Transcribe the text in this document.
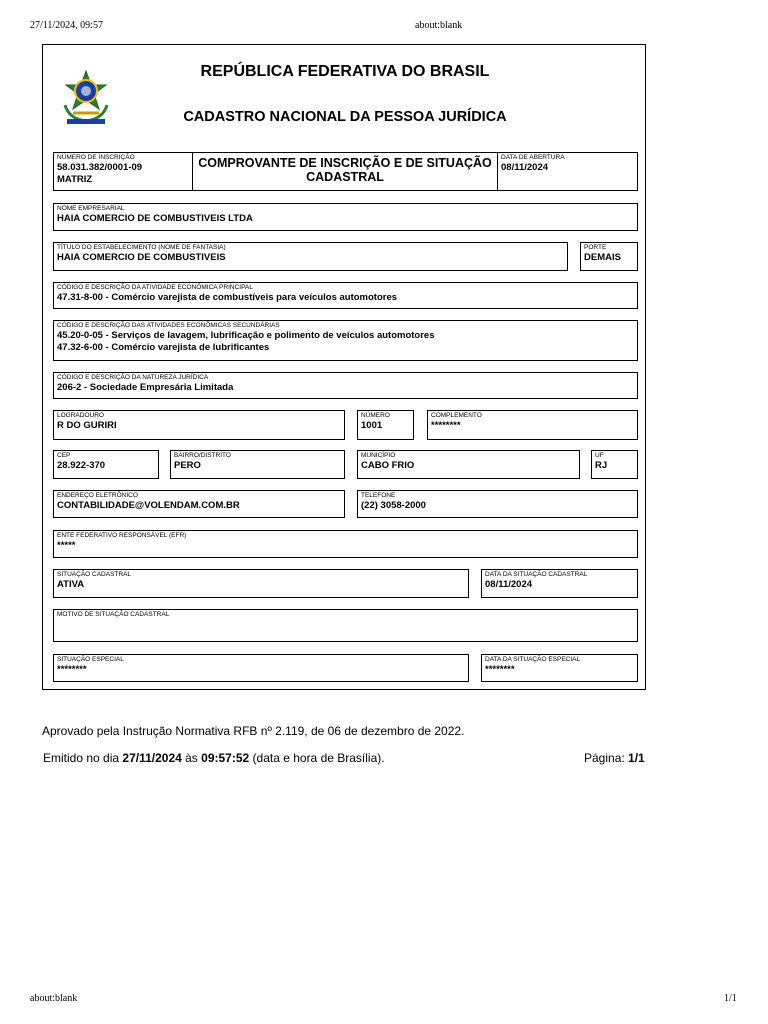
27/11/2024, 09:57	about:blank
REPÚBLICA FEDERATIVA DO BRASIL
CADASTRO NACIONAL DA PESSOA JURÍDICA
NÚMERO DE INSCRIÇÃO
58.031.382/0001-09
MATRIZ
COMPROVANTE DE INSCRIÇÃO E DE SITUAÇÃO
CADASTRAL
DATA DE ABERTURA
08/11/2024
NOME EMPRESARIAL
HAIA COMERCIO DE COMBUSTIVEIS LTDA
TÍTULO DO ESTABELECIMENTO (NOME DE FANTASIA)
HAIA COMERCIO DE COMBUSTIVEIS
PORTE
DEMAIS
CÓDIGO E DESCRIÇÃO DA ATIVIDADE ECONÔMICA PRINCIPAL
47.31-8-00 - Comércio varejista de combustíveis para veículos automotores
CÓDIGO E DESCRIÇÃO DAS ATIVIDADES ECONÔMICAS SECUNDÁRIAS
45.20-0-05 - Serviços de lavagem, lubrificação e polimento de veículos automotores
47.32-6-00 - Comércio varejista de lubrificantes
CÓDIGO E DESCRIÇÃO DA NATUREZA JURÍDICA
206-2 - Sociedade Empresária Limitada
LOGRADOURO
R DO GURIRI
NÚMERO
1001
COMPLEMENTO
********
CEP
28.922-370
BAIRRO/DISTRITO
PERO
MUNICÍPIO
CABO FRIO
UF
RJ
ENDEREÇO ELETRÔNICO
CONTABILIDADE@VOLENDAM.COM.BR
TELEFONE
(22) 3058-2000
ENTE FEDERATIVO RESPONSÁVEL (EFR)
*****
SITUAÇÃO CADASTRAL
ATIVA
DATA DA SITUAÇÃO CADASTRAL
08/11/2024
MOTIVO DE SITUAÇÃO CADASTRAL
SITUAÇÃO ESPECIAL
********
DATA DA SITUAÇÃO ESPECIAL
********
Aprovado pela Instrução Normativa RFB nº 2.119, de 06 de dezembro de 2022.
Emitido no dia 27/11/2024 às 09:57:52 (data e hora de Brasília).	Página: 1/1
about:blank	1/1
